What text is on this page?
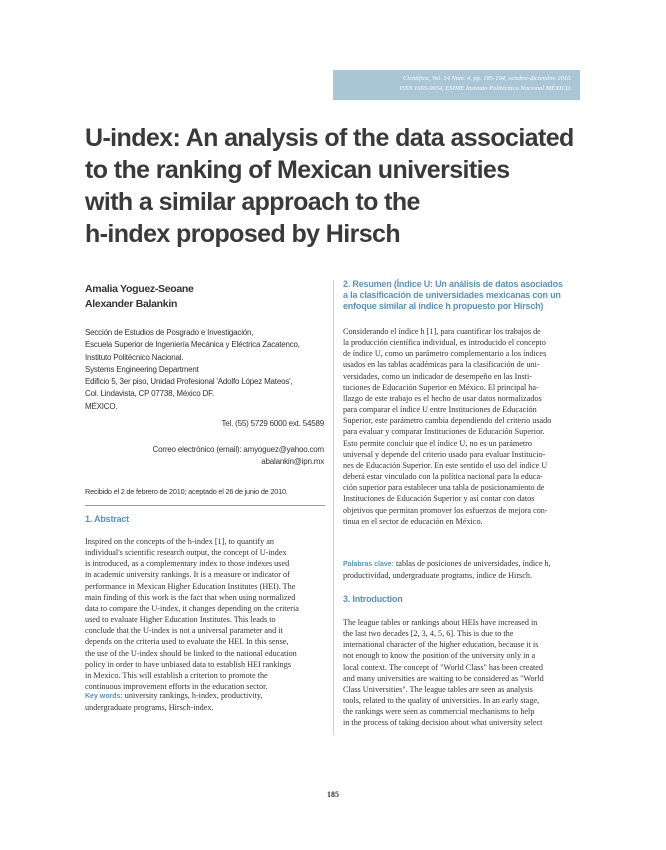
Científica, Vol. 14 Núm. 4, pp. 185-194, octubre-diciembre 2010.
ISSN 1665-0654, ESIME Instituto Politécnico Nacional MÉXICO.
U-index: An analysis of the data associated
to the ranking of Mexican universities
with a similar approach to the
h-index proposed by Hirsch
Amalia Yoguez-Seoane
Alexander Balankin
Sección de Estudios de Posgrado e Investigación,
Escuela Superior de Ingeniería Mecánica y Eléctrica Zacatenco,
Instituto Politécnico Nacional.
Systems Engineering Department
Edificio 5, 3er piso, Unidad Profesional 'Adolfo López Mateos',
Col. Lindavista, CP 07738, México DF.
MÉXICO.
Tel. (55) 5729 6000 ext. 54589
Correo electrónico (email): amyoguez@yahoo.com
abalankin@ipn.mx
Recibido el 2 de febrero de 2010; aceptado el 26 de junio de 2010.
1. Abstract
Inspired on the concepts of the h-index [1], to quantify an
individual's scientific research output, the concept of U-index
is introduced, as a complementary index to those indexes used
in academic university rankings. It is a measure or indicator of
performance in Mexican Higher Education Institutes (HEI). The
main finding of this work is the fact that when using normalized
data to compare the U-index, it changes depending on the criteria
used to evaluate Higher Education Institutes. This leads to
conclude that the U-index is not a universal parameter and it
depends on the criteria used to evaluate the HEI. In this sense,
the use of the U-index should be linked to the national education
policy in order to have unbiased data to establish HEI rankings
in Mexico. This will establish a criterion to promote the
continuous improvement efforts in the education sector.
Key words: university rankings, h-index, productivity,
undergraduate programs, Hirsch-index.
2. Resumen (Índice U: Un análisis de datos asociados
a la clasificación de universidades mexicanas con un
enfoque similar al índice h propuesto por Hirsch)
Considerando el índice h [1], para cuantificar los trabajos de
la producción científica individual, es introducido el concepto
de índice U, como un parámetro complementario a los índices
usados en las tablas académicas para la clasificación de uni-
versidades, como un indicador de desempeño en las Insti-
tuciones de Educación Superior en México. El principal ha-
llazgo de este trabajo es el hecho de usar datos normalizados
para comparar el índice U entre Instituciones de Educación
Superior, este parámetro cambia dependiendo del criterio usado
para evaluar y comparar Instituciones de Educación Superior.
Esto permite concluir que el índice U, no es un parámetro
universal y depende del criterio usado para evaluar Institucio-
nes de Educación Superior. En este sentido el uso del índice U
deberá estar vinculado con la política nacional para la educa-
ción superior para establecer una tabla de posicionamiento de
Instituciones de Educación Superior y así contar con datos
objetivos que permitan promover los esfuerzos de mejora con-
tinua en el sector de educación en México.
Palabras clave: tablas de posiciones de universidades, índice h,
productividad, undergraduate programs, índice de Hirsch.
3. Introduction
The league tables or rankings about HEIs have increased in
the last two decades [2, 3, 4, 5, 6]. This is due to the
international character of the higher education, because it is
not enough to know the position of the university only in a
local context. The concept of "World Class" has been created
and many universities are waiting to be considered as "World
Class Universities". The league tables are seen as analysis
tools, related to the quality of universities. In an early stage,
the rankings were seen as commercial mechanisms to help
in the process of taking decision about what university select
185
